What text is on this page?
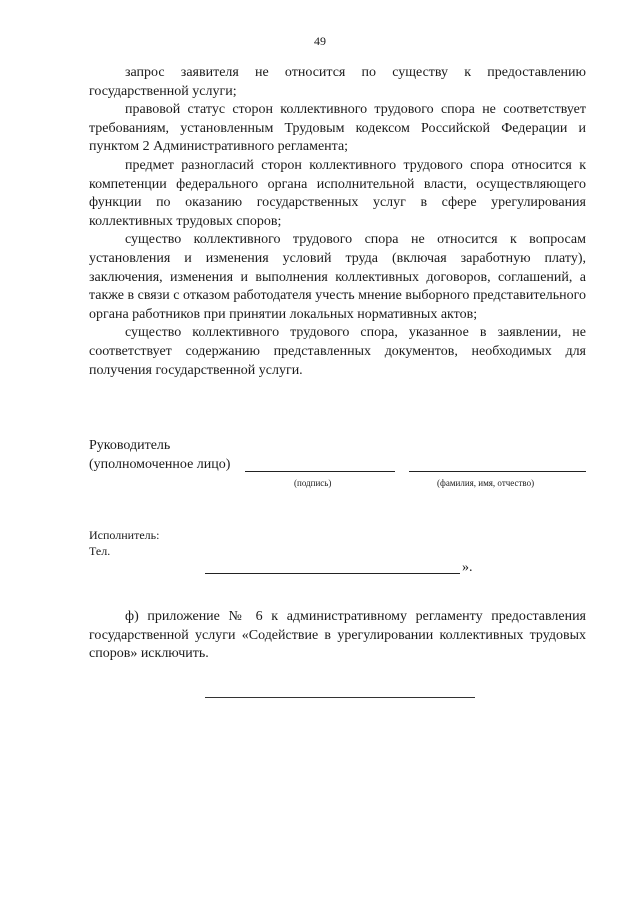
49

запрос заявителя не относится по существу к предоставлению государственной услуги;

правовой статус сторон коллективного трудового спора не соответствует требованиям, установленным Трудовым кодексом Российской Федерации и пунктом 2 Административного регламента;

предмет разногласий сторон коллективного трудового спора относится к компетенции федерального органа исполнительной власти, осуществляющего функции по оказанию государственных услуг в сфере урегулирования коллективных трудовых споров;

существо коллективного трудового спора не относится к вопросам установления и изменения условий труда (включая заработную плату), заключения, изменения и выполнения коллективных договоров, соглашений, а также в связи с отказом работодателя учесть мнение выборного представительного органа работников при принятии локальных нормативных актов;

существо коллективного трудового спора, указанное в заявлении, не соответствует содержанию представленных документов, необходимых для получения государственной услуги.

Руководитель
(уполномоченное лицо)
(подпись)	(фамилия, имя, отчество)
Исполнитель:
Тел.
».

ф) приложение № 6 к административному регламенту предоставления государственной услуги «Содействие в урегулировании коллективных трудовых споров» исключить.
